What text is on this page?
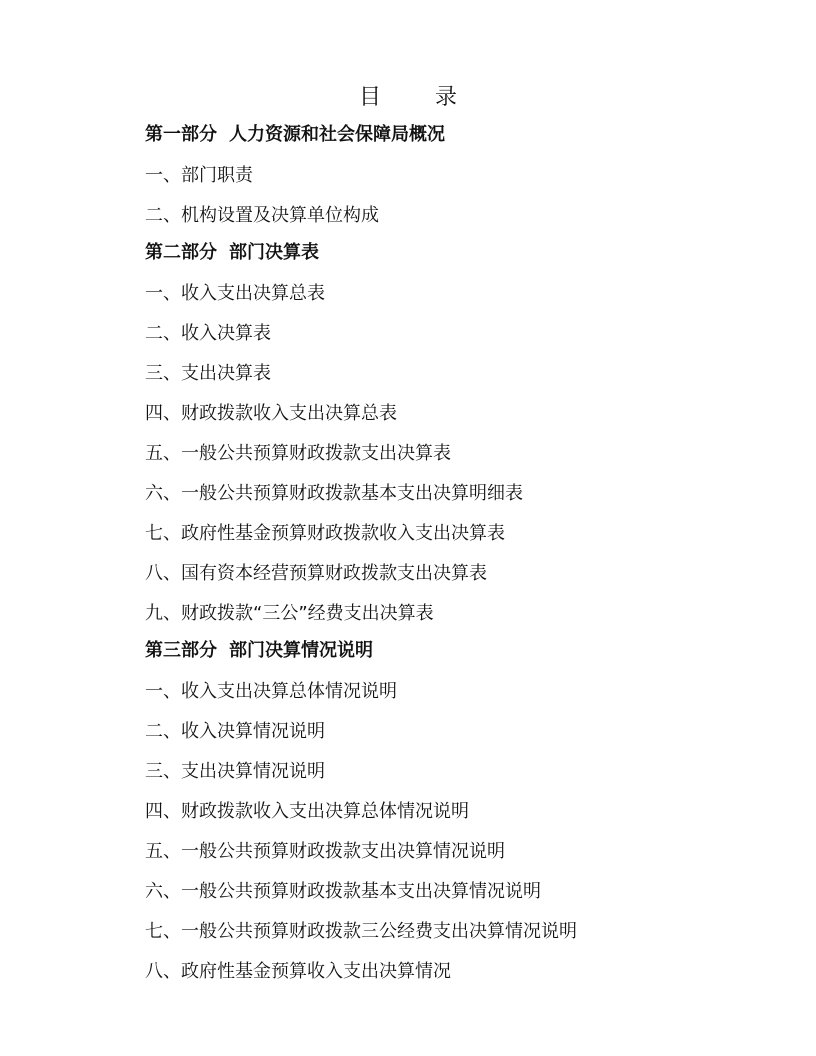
目　录
第一部分 人力资源和社会保障局概况
一、部门职责
二、机构设置及决算单位构成
第二部分 部门决算表
一、收入支出决算总表
二、收入决算表
三、支出决算表
四、财政拨款收入支出决算总表
五、一般公共预算财政拨款支出决算表
六、一般公共预算财政拨款基本支出决算明细表
七、政府性基金预算财政拨款收入支出决算表
八、国有资本经营预算财政拨款支出决算表
九、财政拨款“三公”经费支出决算表
第三部分 部门决算情况说明
一、收入支出决算总体情况说明
二、收入决算情况说明
三、支出决算情况说明
四、财政拨款收入支出决算总体情况说明
五、一般公共预算财政拨款支出决算情况说明
六、一般公共预算财政拨款基本支出决算情况说明
七、一般公共预算财政拨款三公经费支出决算情况说明
八、政府性基金预算收入支出决算情况
